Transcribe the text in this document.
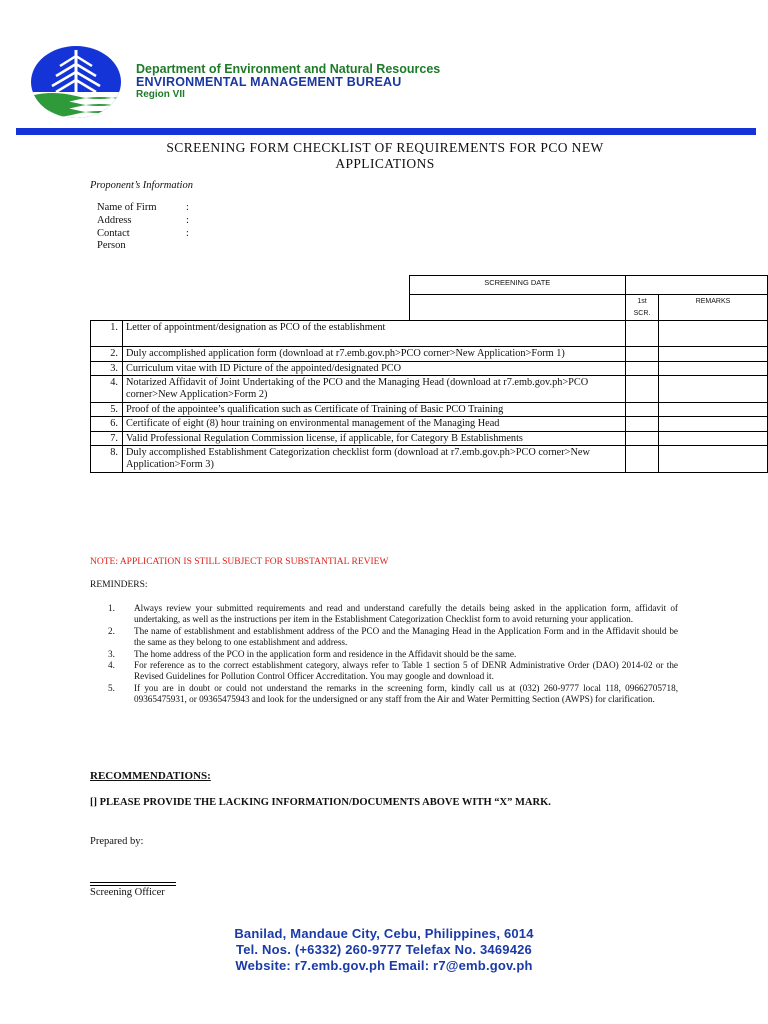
Department of Environment and Natural Resources
ENVIRONMENTAL MANAGEMENT BUREAU
Region VII
SCREENING FORM CHECKLIST OF REQUIREMENTS FOR PCO NEW APPLICATIONS
Proponent’s Information
Name of Firm	:
Address	:
Contact	:
Person
		SCREENING DATE		
			1st SCR.	REMARKS
1.	Letter of appointment/designation as PCO of the establishment			
2.	Duly accomplished application form (download at r7.emb.gov.ph>PCO corner>New Application>Form 1)			
3.	Curriculum vitae with ID Picture of the appointed/designated PCO			
4.	Notarized Affidavit of Joint Undertaking of the PCO and the Managing Head (download at r7.emb.gov.ph>PCO corner>New Application>Form 2)			
5.	Proof of the appointee’s qualification such as Certificate of Training of Basic PCO Training			
6.	Certificate of eight (8) hour training on environmental management of the Managing Head			
7.	Valid Professional Regulation Commission license, if applicable, for Category B Establishments			
8.	Duly accomplished Establishment Categorization checklist form (download at r7.emb.gov.ph>PCO corner>New Application>Form 3)			
NOTE: APPLICATION IS STILL SUBJECT FOR SUBSTANTIAL REVIEW
REMINDERS:
1.	Always review your submitted requirements and read and understand carefully the details being asked in the application form, affidavit of undertaking, as well as the instructions per item in the Establishment Categorization Checklist form to avoid returning your application.
2.	The name of establishment and establishment address of the PCO and the Managing Head in the Application Form and in the Affidavit should be the same as they belong to one establishment and address.
3.	The home address of the PCO in the application form and residence in the Affidavit should be the same.
4.	For reference as to the correct establishment category, always refer to Table 1 section 5 of DENR Administrative Order (DAO) 2014-02 or the Revised Guidelines for Pollution Control Officer Accreditation. You may google and download it.
5.	If you are in doubt or could not understand the remarks in the screening form, kindly call us at (032) 260-9777 local 118, 09662705718, 09365475931, or 09365475943 and look for the undersigned or any staff from the Air and Water Permitting Section (AWPS) for clarification.
RECOMMENDATIONS:
[] PLEASE PROVIDE THE LACKING INFORMATION/DOCUMENTS ABOVE WITH “X” MARK.
Prepared by:
Screening Officer
Banilad, Mandaue City, Cebu, Philippines, 6014
Tel. Nos. (+6332) 260-9777 Telefax No. 3469426
Website: r7.emb.gov.ph Email: r7@emb.gov.ph
